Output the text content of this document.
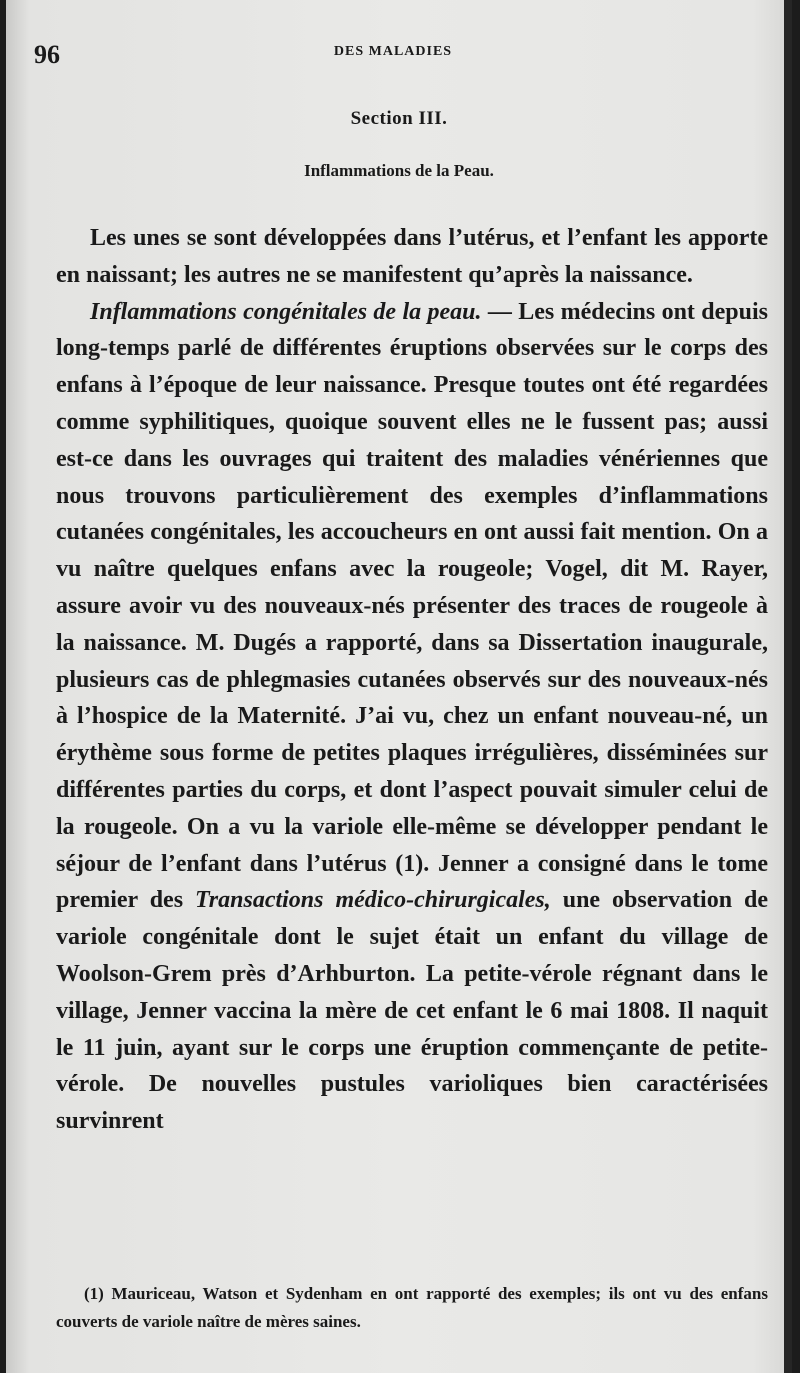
96	DES MALADIES
Section III.
Inflammations de la Peau.

Les unes se sont développées dans l’utérus, et l’enfant les apporte en naissant; les autres ne se manifestent qu’après la naissance.

Inflammations congénitales de la peau. — Les médecins ont depuis long-temps parlé de différentes éruptions observées sur le corps des enfans à l’époque de leur naissance. Presque toutes ont été regardées comme syphilitiques, quoique souvent elles ne le fussent pas; aussi est-ce dans les ouvrages qui traitent des maladies vénériennes que nous trouvons particulièrement des exemples d’inflammations cutanées congénitales, les accoucheurs en ont aussi fait mention. On a vu naître quelques enfans avec la rougeole; Vogel, dit M. Rayer, assure avoir vu des nouveaux-nés présenter des traces de rougeole à la naissance. M. Dugés a rapporté, dans sa Dissertation inaugurale, plusieurs cas de phlegmasies cutanées observés sur des nouveaux-nés à l’hospice de la Maternité. J’ai vu, chez un enfant nouveau-né, un érythème sous forme de petites plaques irrégulières, disséminées sur différentes parties du corps, et dont l’aspect pouvait simuler celui de la rougeole. On a vu la variole elle-même se développer pendant le séjour de l’enfant dans l’utérus (1). Jenner a consigné dans le tome premier des Transactions médico-chirurgicales, une observation de variole congénitale dont le sujet était un enfant du village de Woolson-Grem près d’Arhburton. La petite-vérole régnant dans le village, Jenner vaccina la mère de cet enfant le 6 mai 1808. Il naquit le 11 juin, ayant sur le corps une éruption commençante de petite-vérole. De nouvelles pustules varioliques bien caractérisées survinrent

(1) Mauriceau, Watson et Sydenham en ont rapporté des exemples; ils ont vu des enfans couverts de variole naître de mères saines.
